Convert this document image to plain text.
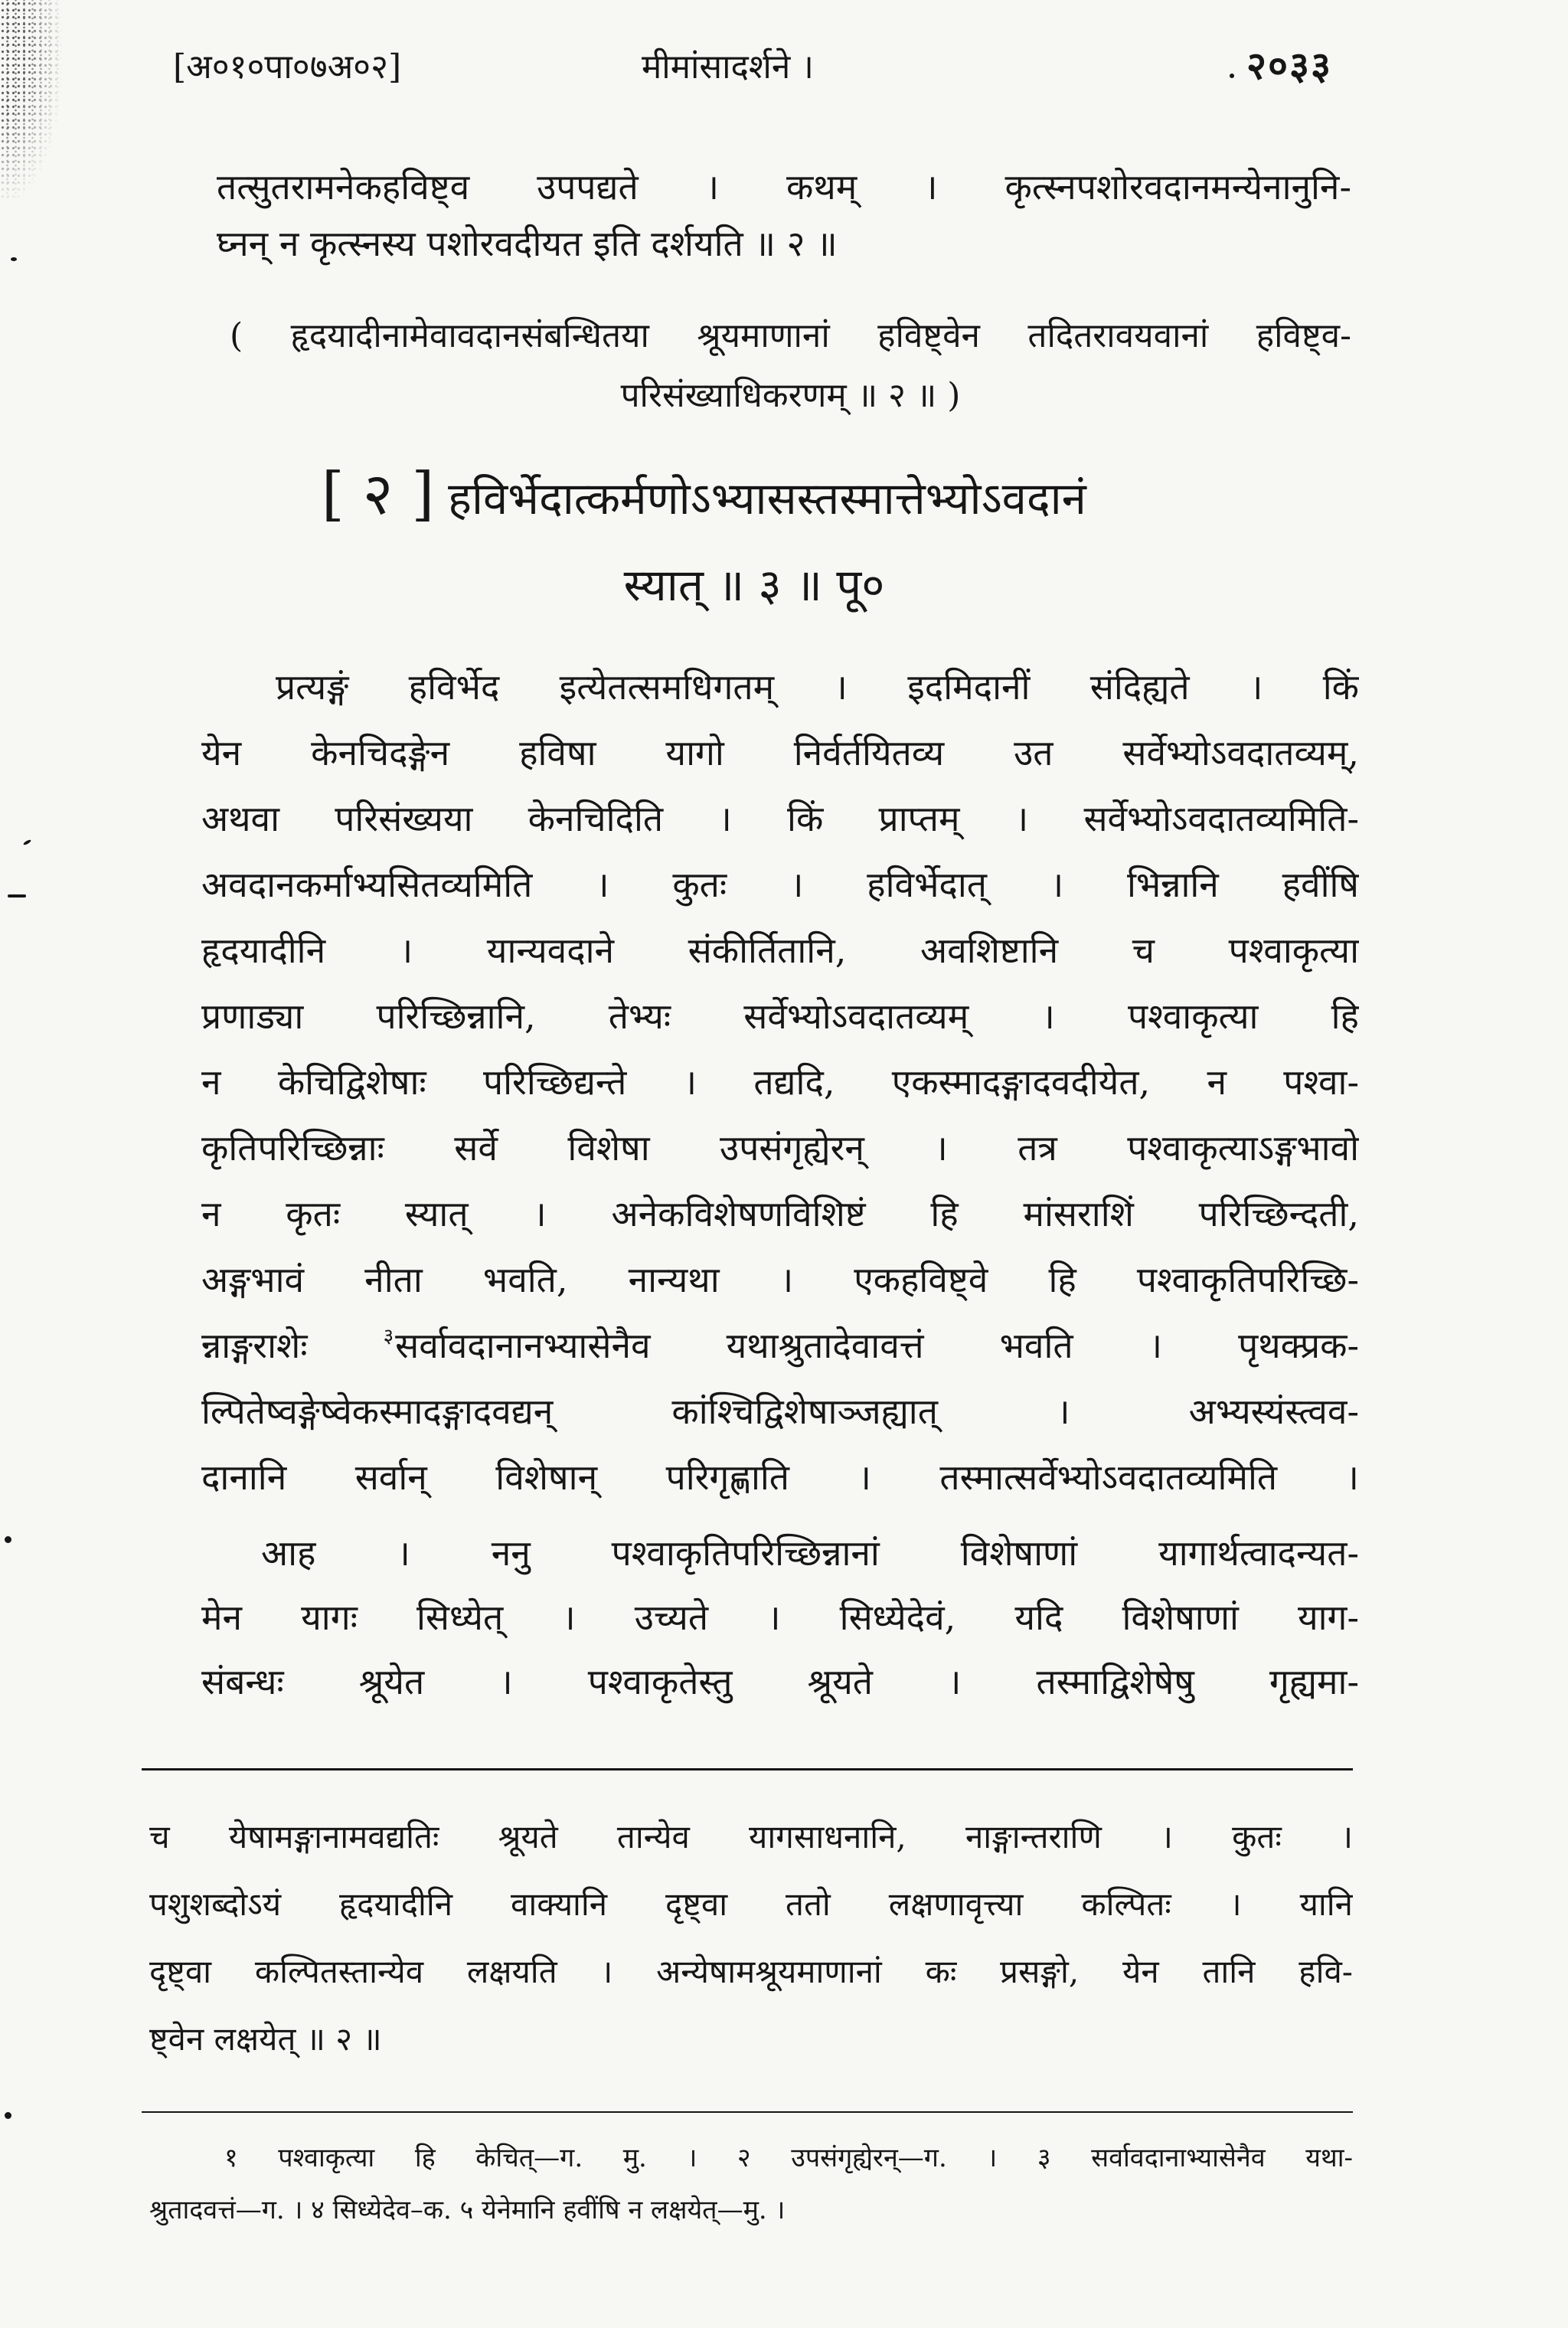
[अ०१०पा०७अ०२]	मीमांसादर्शने ।	२०३३
तत्सुतरामनेकहविष्ट्व उपपद्यते । कथम् । कृत्स्नपशोरवदानमन्येनानुनि-
घ्नन् न कृत्स्नस्य पशोरवदीयत इति दर्शयति ॥ २ ॥
( हृदयादीनामेवावदानसंबन्धितया श्रूयमाणानां हविष्ट्वेन तदितरावयवानां हविष्ट्व-
परिसंख्याधिकरणम् ॥ २ ॥ )
[ २ ] हविर्भेदात्कर्मणोऽभ्यासस्तस्मात्तेभ्योऽवदानं
स्यात् ॥ ३ ॥ पू०
प्रत्यङ्गं हविर्भेद इत्येतत्समधिगतम् । इदमिदानीं संदिह्यते । किं
येन केनचिदङ्गेन हविषा यागो निर्वर्तयितव्य उत सर्वेभ्योऽवदातव्यम्,
अथवा परिसंख्यया केनचिदिति । किं प्राप्तम् । सर्वेभ्योऽवदातव्यमिति-
अवदानकर्माभ्यसितव्यमिति । कुतः । हविर्भेदात् । भिन्नानि हवींषि
हृदयादीनि । यान्यवदाने संकीर्तितानि, अवशिष्टानि च पश्वाकृत्या
प्रणाड्या परिच्छिन्नानि, तेभ्यः सर्वेभ्योऽवदातव्यम् । पश्वाकृत्या हि
न केचिद्विशेषाः परिच्छिद्यन्ते । तद्यदि, एकस्मादङ्गादवदीयेत, न पश्वा-
कृतिपरिच्छिन्नाः सर्वे विशेषा उपसंगृह्येरन् । तत्र पश्वाकृत्याऽङ्गभावो
न कृतः स्यात् । अनेकविशेषणविशिष्टं हि मांसराशिं परिच्छिन्दती,
अङ्गभावं नीता भवति, नान्यथा । एकहविष्ट्वे हि पश्वाकृतिपरिच्छि-
न्नाङ्गराशेः	$^३$सर्वावदानानभ्यासेनैव यथाश्रुतादेवावत्तं भवति । पृथक्प्रक-
ल्पितेष्वङ्गेष्वेकस्मादङ्गादवद्यन् कांश्चिद्विशेषाञ्जह्यात् । अभ्यस्यंस्त्वव-
दानानि सर्वान् विशेषान् परिगृह्णाति । तस्मात्सर्वेभ्योऽवदातव्यमिति ।
आह । ननु पश्वाकृतिपरिच्छिन्नानां विशेषाणां यागार्थत्वादन्यत-
मेन यागः सिध्येत् । उच्यते । सिध्येदेवं, यदि विशेषाणां याग-
संबन्धः श्रूयेत । पश्वाकृतेस्तु श्रूयते । तस्माद्विशेषेषु गृह्यमा-
च येषामङ्गानामवद्यतिः श्रूयते तान्येव यागसाधनानि, नाङ्गान्तराणि । कुतः ।
पशुशब्दोऽयं हृदयादीनि वाक्यानि दृष्ट्वा ततो लक्षणावृत्त्या कल्पितः । यानि
दृष्ट्वा कल्पितस्तान्येव लक्षयति । अन्येषामश्रूयमाणानां कः प्रसङ्गो, येन तानि हवि-
ष्ट्वेन लक्षयेत् ॥ २ ॥
१ पश्वाकृत्या हि केचित्—ग. मु. । २ उपसंगृह्येरन्—ग. । ३ सर्वावदानाभ्यासेनैव यथा-
श्रुतादवत्तं—ग. । ४ सिध्येदेव–क. ५ येनेमानि हवींषि न लक्षयेत्—मु. ।
